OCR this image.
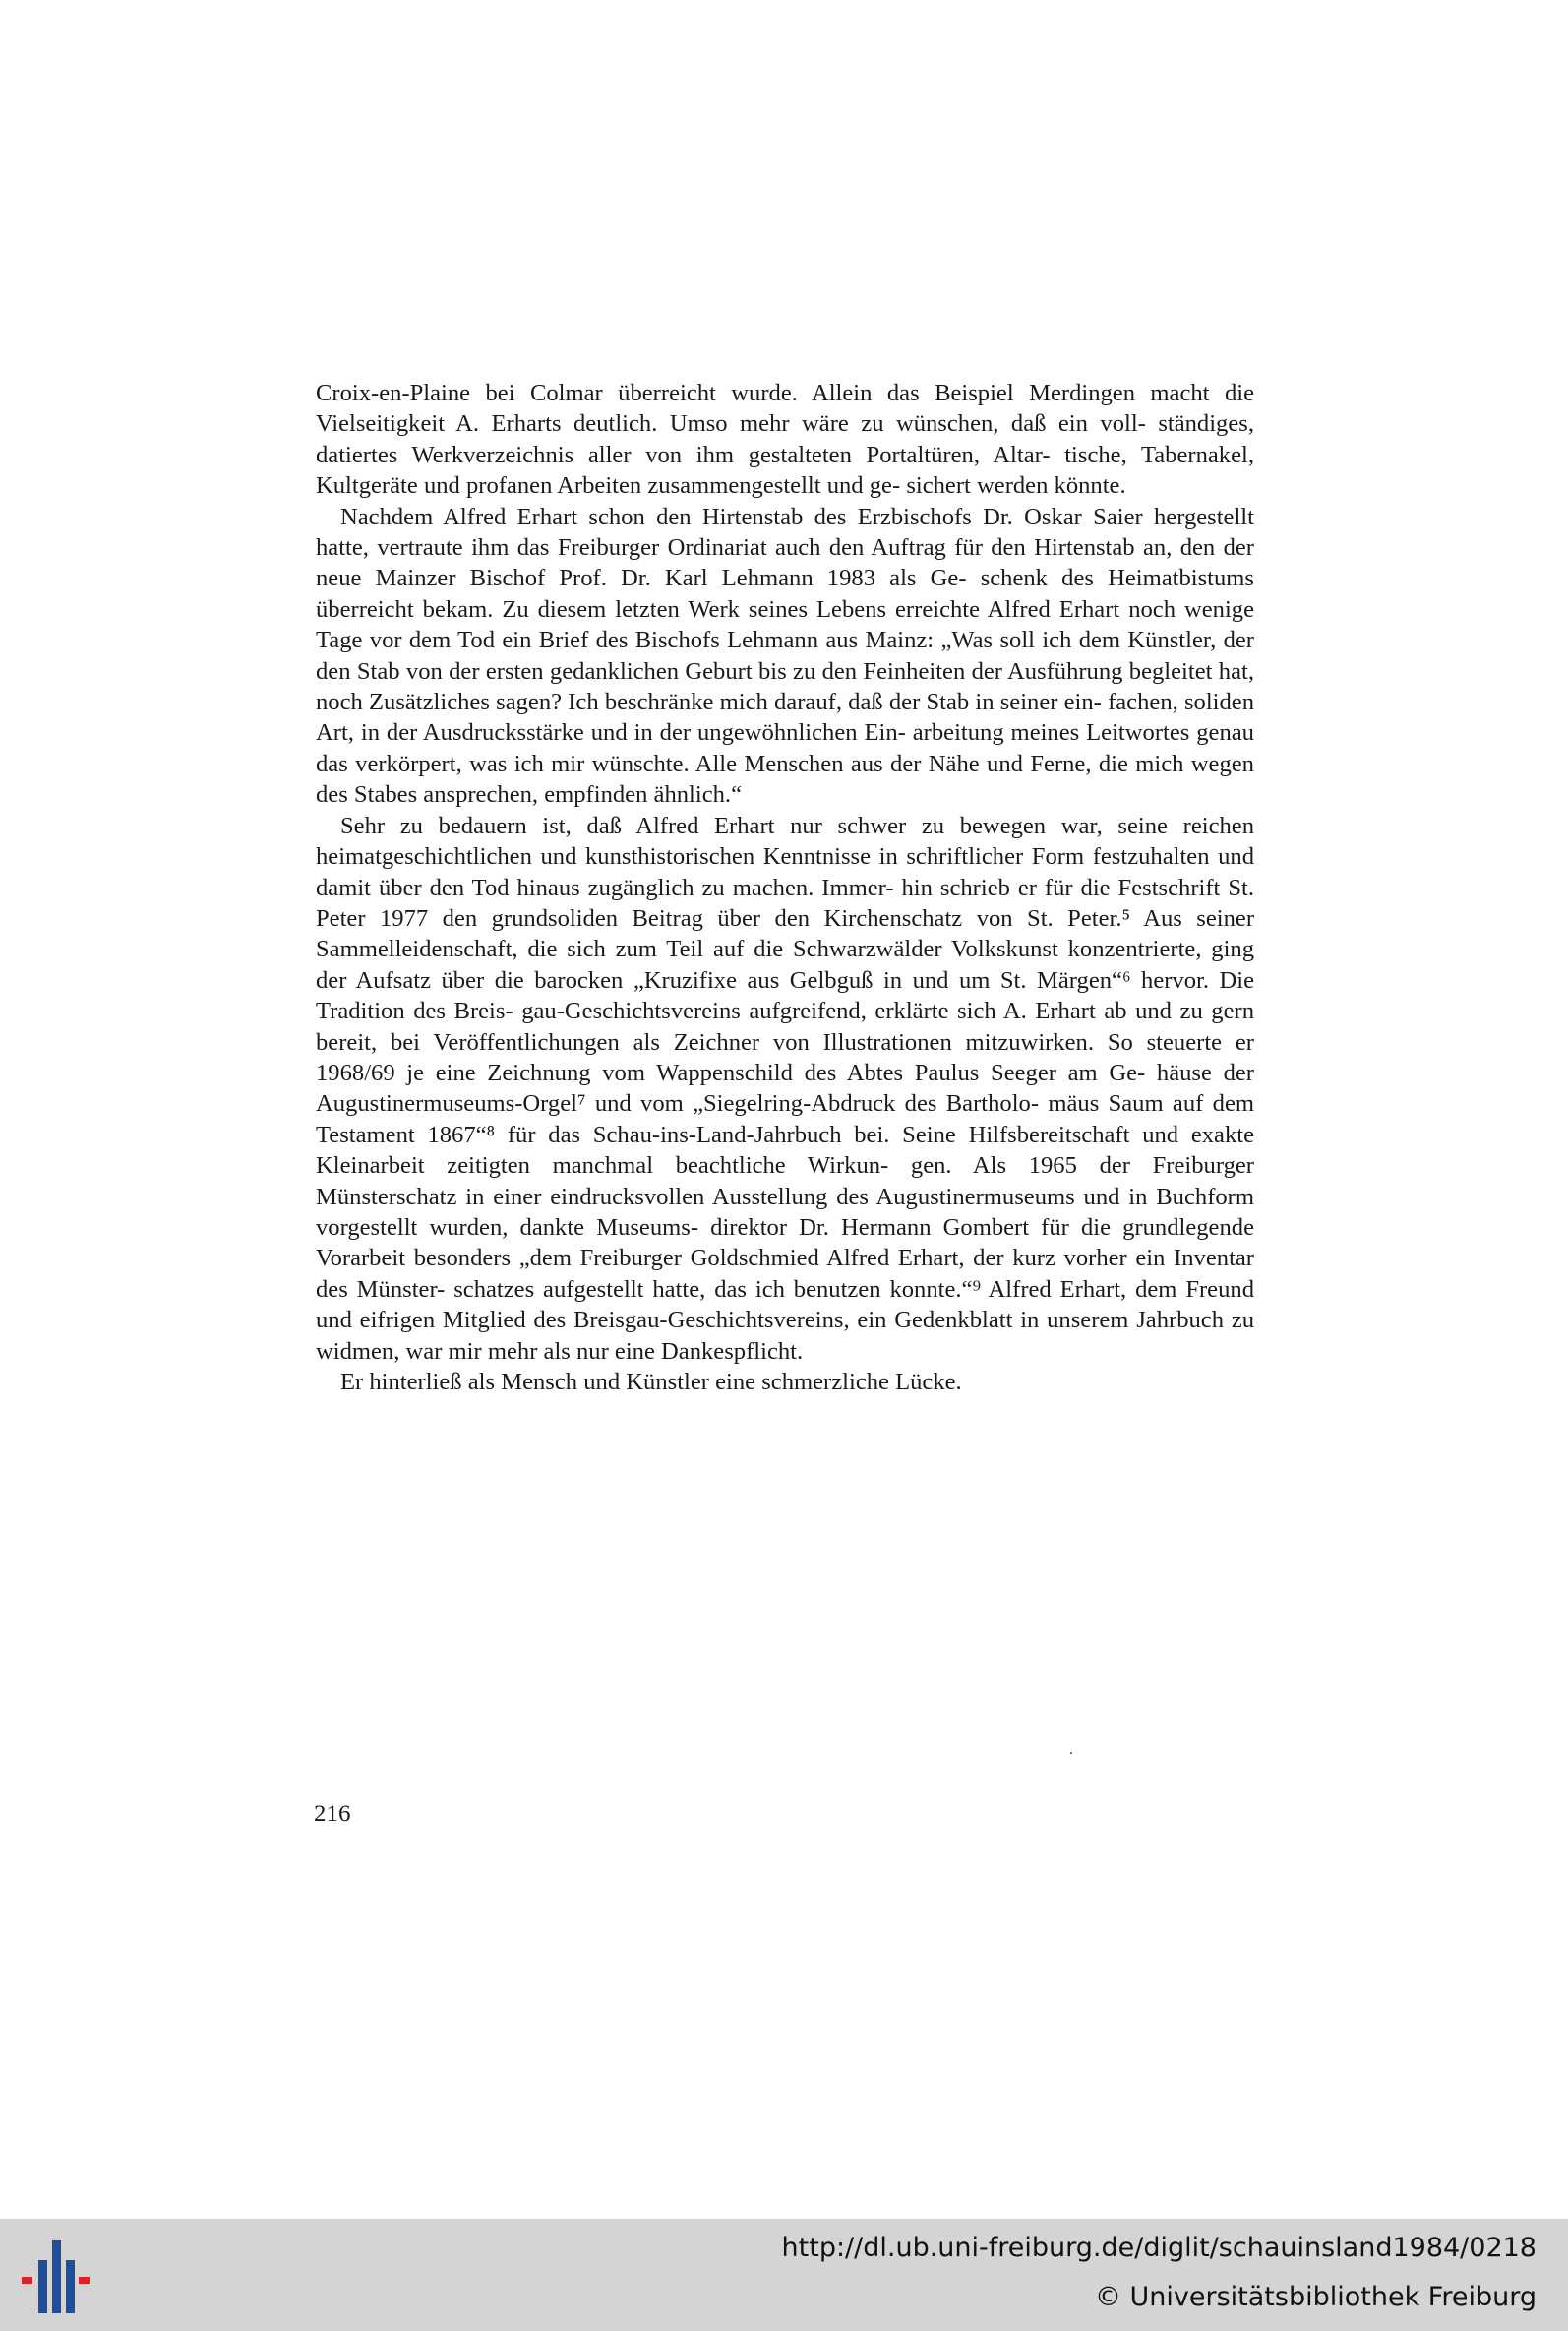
Croix-en-Plaine bei Colmar überreicht wurde. Allein das Beispiel Merdingen macht die Vielseitigkeit A. Erharts deutlich. Umso mehr wäre zu wünschen, daß ein voll- ständiges, datiertes Werkverzeichnis aller von ihm gestalteten Portaltüren, Altar- tische, Tabernakel, Kultgeräte und profanen Arbeiten zusammengestellt und ge- sichert werden könnte.

Nachdem Alfred Erhart schon den Hirtenstab des Erzbischofs Dr. Oskar Saier hergestellt hatte, vertraute ihm das Freiburger Ordinariat auch den Auftrag für den Hirtenstab an, den der neue Mainzer Bischof Prof. Dr. Karl Lehmann 1983 als Ge- schenk des Heimatbistums überreicht bekam. Zu diesem letzten Werk seines Lebens erreichte Alfred Erhart noch wenige Tage vor dem Tod ein Brief des Bischofs Lehmann aus Mainz: „Was soll ich dem Künstler, der den Stab von der ersten gedanklichen Geburt bis zu den Feinheiten der Ausführung begleitet hat, noch Zusätzliches sagen? Ich beschränke mich darauf, daß der Stab in seiner ein- fachen, soliden Art, in der Ausdrucksstärke und in der ungewöhnlichen Ein- arbeitung meines Leitwortes genau das verkörpert, was ich mir wünschte. Alle Menschen aus der Nähe und Ferne, die mich wegen des Stabes ansprechen, empfinden ähnlich.“

Sehr zu bedauern ist, daß Alfred Erhart nur schwer zu bewegen war, seine reichen heimatgeschichtlichen und kunsthistorischen Kenntnisse in schriftlicher Form festzuhalten und damit über den Tod hinaus zugänglich zu machen. Immer- hin schrieb er für die Festschrift St. Peter 1977 den grundsoliden Beitrag über den Kirchenschatz von St. Peter.⁵ Aus seiner Sammelleidenschaft, die sich zum Teil auf die Schwarzwälder Volkskunst konzentrierte, ging der Aufsatz über die barocken „Kruzifixe aus Gelbguß in und um St. Märgen“⁶ hervor. Die Tradition des Breis- gau-Geschichtsvereins aufgreifend, erklärte sich A. Erhart ab und zu gern bereit, bei Veröffentlichungen als Zeichner von Illustrationen mitzuwirken. So steuerte er 1968/69 je eine Zeichnung vom Wappenschild des Abtes Paulus Seeger am Ge- häuse der Augustinermuseums-Orgel⁷ und vom „Siegelring-Abdruck des Bartholo- mäus Saum auf dem Testament 1867“⁸ für das Schau-ins-Land-Jahrbuch bei. Seine Hilfsbereitschaft und exakte Kleinarbeit zeitigten manchmal beachtliche Wirkun- gen. Als 1965 der Freiburger Münsterschatz in einer eindrucksvollen Ausstellung des Augustinermuseums und in Buchform vorgestellt wurden, dankte Museums- direktor Dr. Hermann Gombert für die grundlegende Vorarbeit besonders „dem Freiburger Goldschmied Alfred Erhart, der kurz vorher ein Inventar des Münster- schatzes aufgestellt hatte, das ich benutzen konnte.“⁹ Alfred Erhart, dem Freund und eifrigen Mitglied des Breisgau-Geschichtsvereins, ein Gedenkblatt in unserem Jahrbuch zu widmen, war mir mehr als nur eine Dankespflicht.

Er hinterließ als Mensch und Künstler eine schmerzliche Lücke.

216
http://dl.ub.uni-freiburg.de/diglit/schauinsland1984/0218
© Universitätsbibliothek Freiburg
